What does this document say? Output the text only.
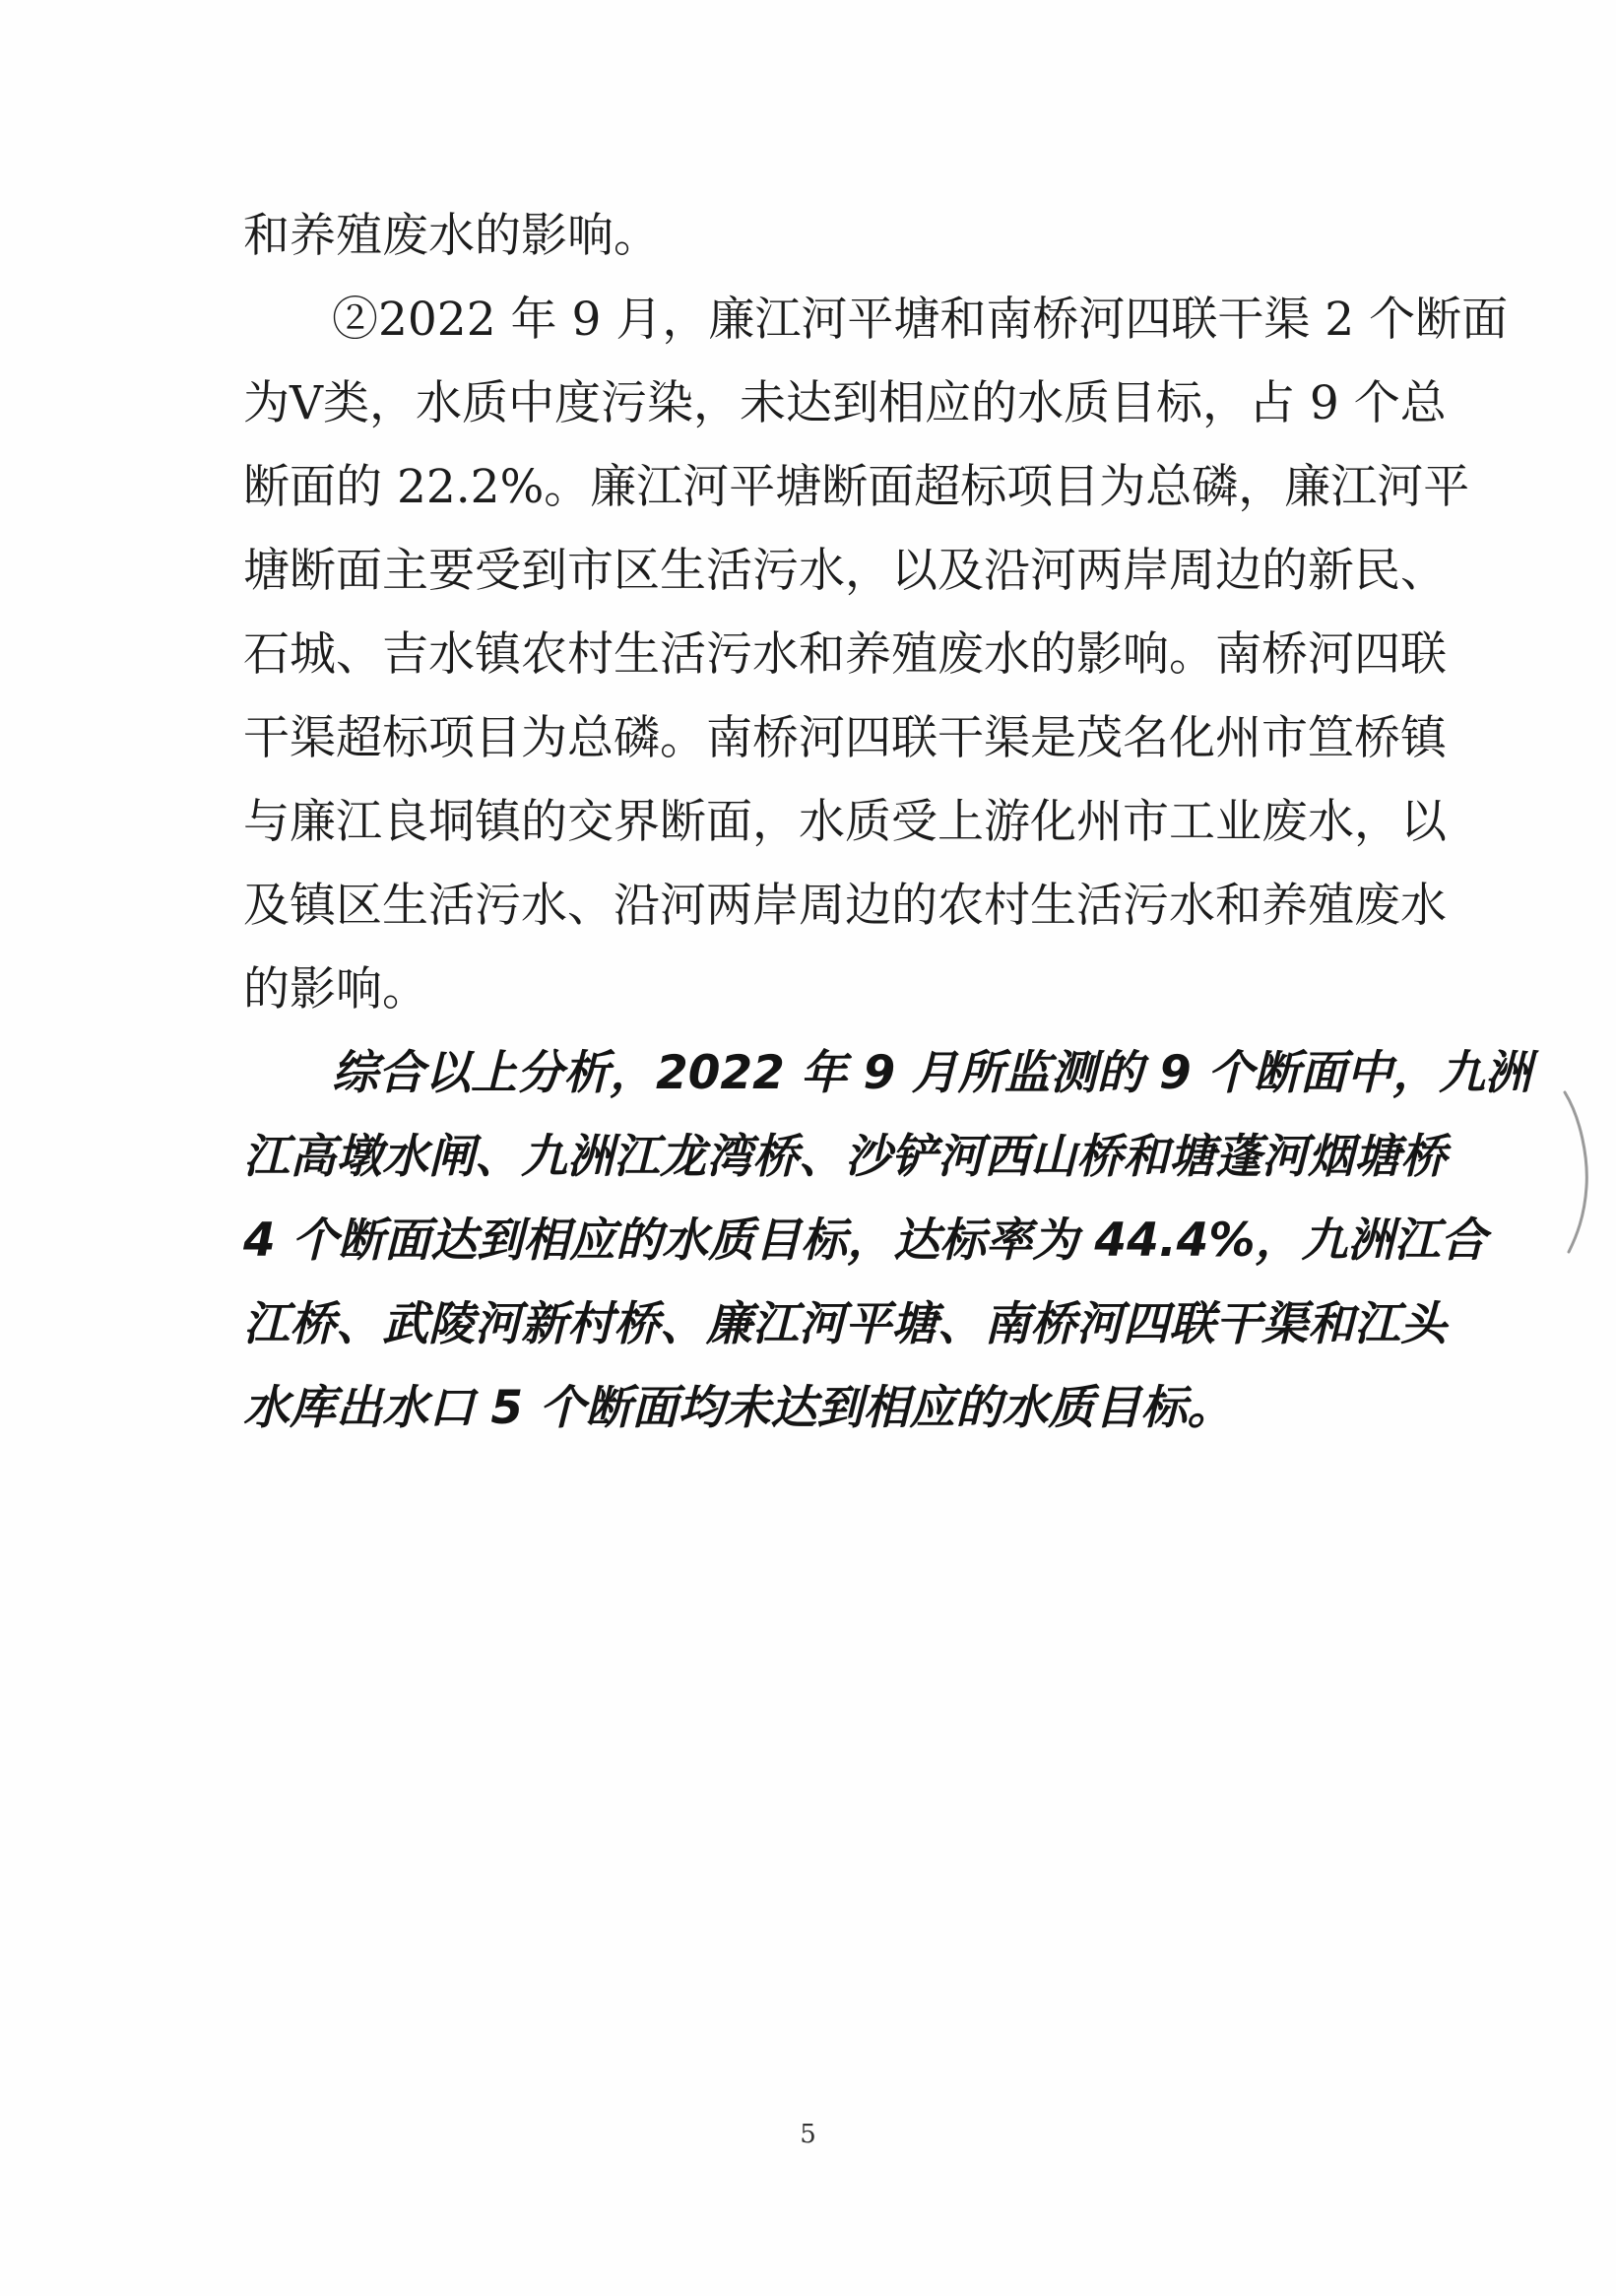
和养殖废水的影响。
②2022 年 9 月，廉江河平塘和南桥河四联干渠 2 个断面
为Ⅴ类，水质中度污染，未达到相应的水质目标，占 9 个总
断面的 22.2%。廉江河平塘断面超标项目为总磷，廉江河平
塘断面主要受到市区生活污水，以及沿河两岸周边的新民、
石城、吉水镇农村生活污水和养殖废水的影响。南桥河四联
干渠超标项目为总磷。南桥河四联干渠是茂名化州市笪桥镇
与廉江良垌镇的交界断面，水质受上游化州市工业废水，以
及镇区生活污水、沿河两岸周边的农村生活污水和养殖废水
的影响。
综合以上分析，2022 年 9 月所监测的 9 个断面中，九洲
江高墩水闸、九洲江龙湾桥、沙铲河西山桥和塘蓬河烟塘桥
4 个断面达到相应的水质目标，达标率为 44.4%，九洲江合
江桥、武陵河新村桥、廉江河平塘、南桥河四联干渠和江头
水库出水口 5 个断面均未达到相应的水质目标。
5
